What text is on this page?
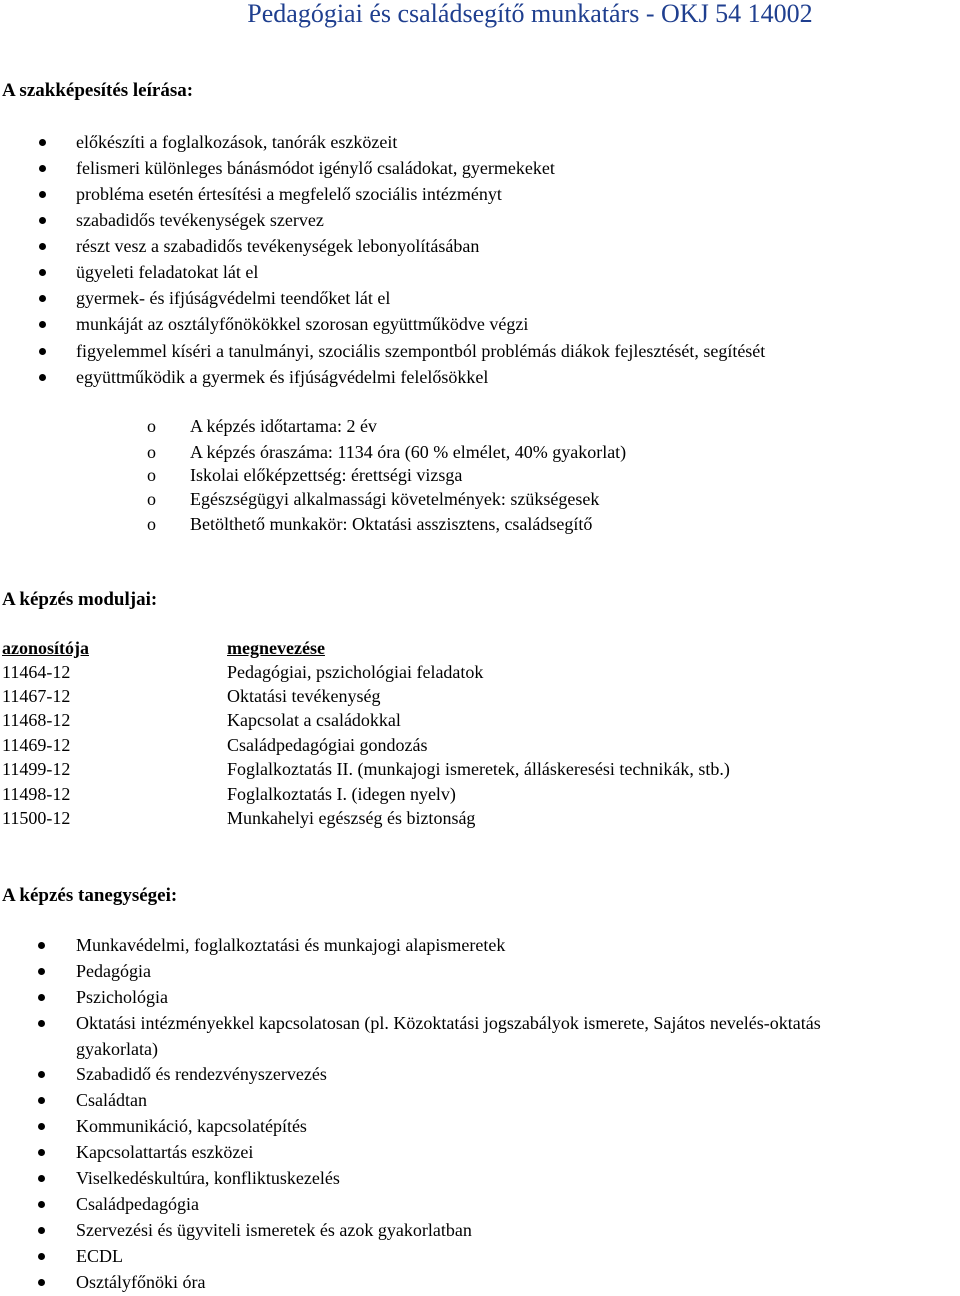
Pedagógiai és családsegítő munkatárs - OKJ 54 14002
A szakképesítés leírása:
előkészíti a foglalkozások, tanórák eszközeit
felismeri különleges bánásmódot igénylő családokat, gyermekeket
probléma esetén értesítési a megfelelő szociális intézményt
szabadidős tevékenységek szervez
részt vesz a szabadidős tevékenységek lebonyolításában
ügyeleti feladatokat lát el
gyermek- és ifjúságvédelmi teendőket lát el
munkáját az osztályfőnökökkel szorosan együttműködve végzi
figyelemmel kíséri a tanulmányi, szociális szempontból problémás diákok fejlesztését, segítését
együttműködik a gyermek és ifjúságvédelmi felelősökkel
o A képzés időtartama: 2 év
o A képzés óraszáma: 1134 óra (60 % elmélet, 40% gyakorlat)
o Iskolai előképzettség: érettségi vizsga
o Egészségügyi alkalmassági követelmények: szükségesek
o Betölthető munkakör: Oktatási asszisztens, családsegítő
A képzés moduljai:
azonosítója	megnevezése
11464-12	Pedagógiai, pszichológiai feladatok
11467-12	Oktatási tevékenység
11468-12	Kapcsolat a családokkal
11469-12	Családpedagógiai gondozás
11499-12	Foglalkoztatás II. (munkajogi ismeretek, álláskeresési technikák, stb.)
11498-12	Foglalkoztatás I. (idegen nyelv)
11500-12	Munkahelyi egészség és biztonság
A képzés tanegységei:
Munkavédelmi, foglalkoztatási és munkajogi alapismeretek
Pedagógia
Pszichológia
Oktatási intézményekkel kapcsolatosan (pl. Közoktatási jogszabályok ismerete, Sajátos nevelés-oktatás
gyakorlata)
Szabadidő és rendezvényszervezés
Családtan
Kommunikáció, kapcsolatépítés
Kapcsolattartás eszközei
Viselkedéskultúra, konfliktuskezelés
Családpedagógia
Szervezési és ügyviteli ismeretek és azok gyakorlatban
ECDL
Osztályfőnöki óra
